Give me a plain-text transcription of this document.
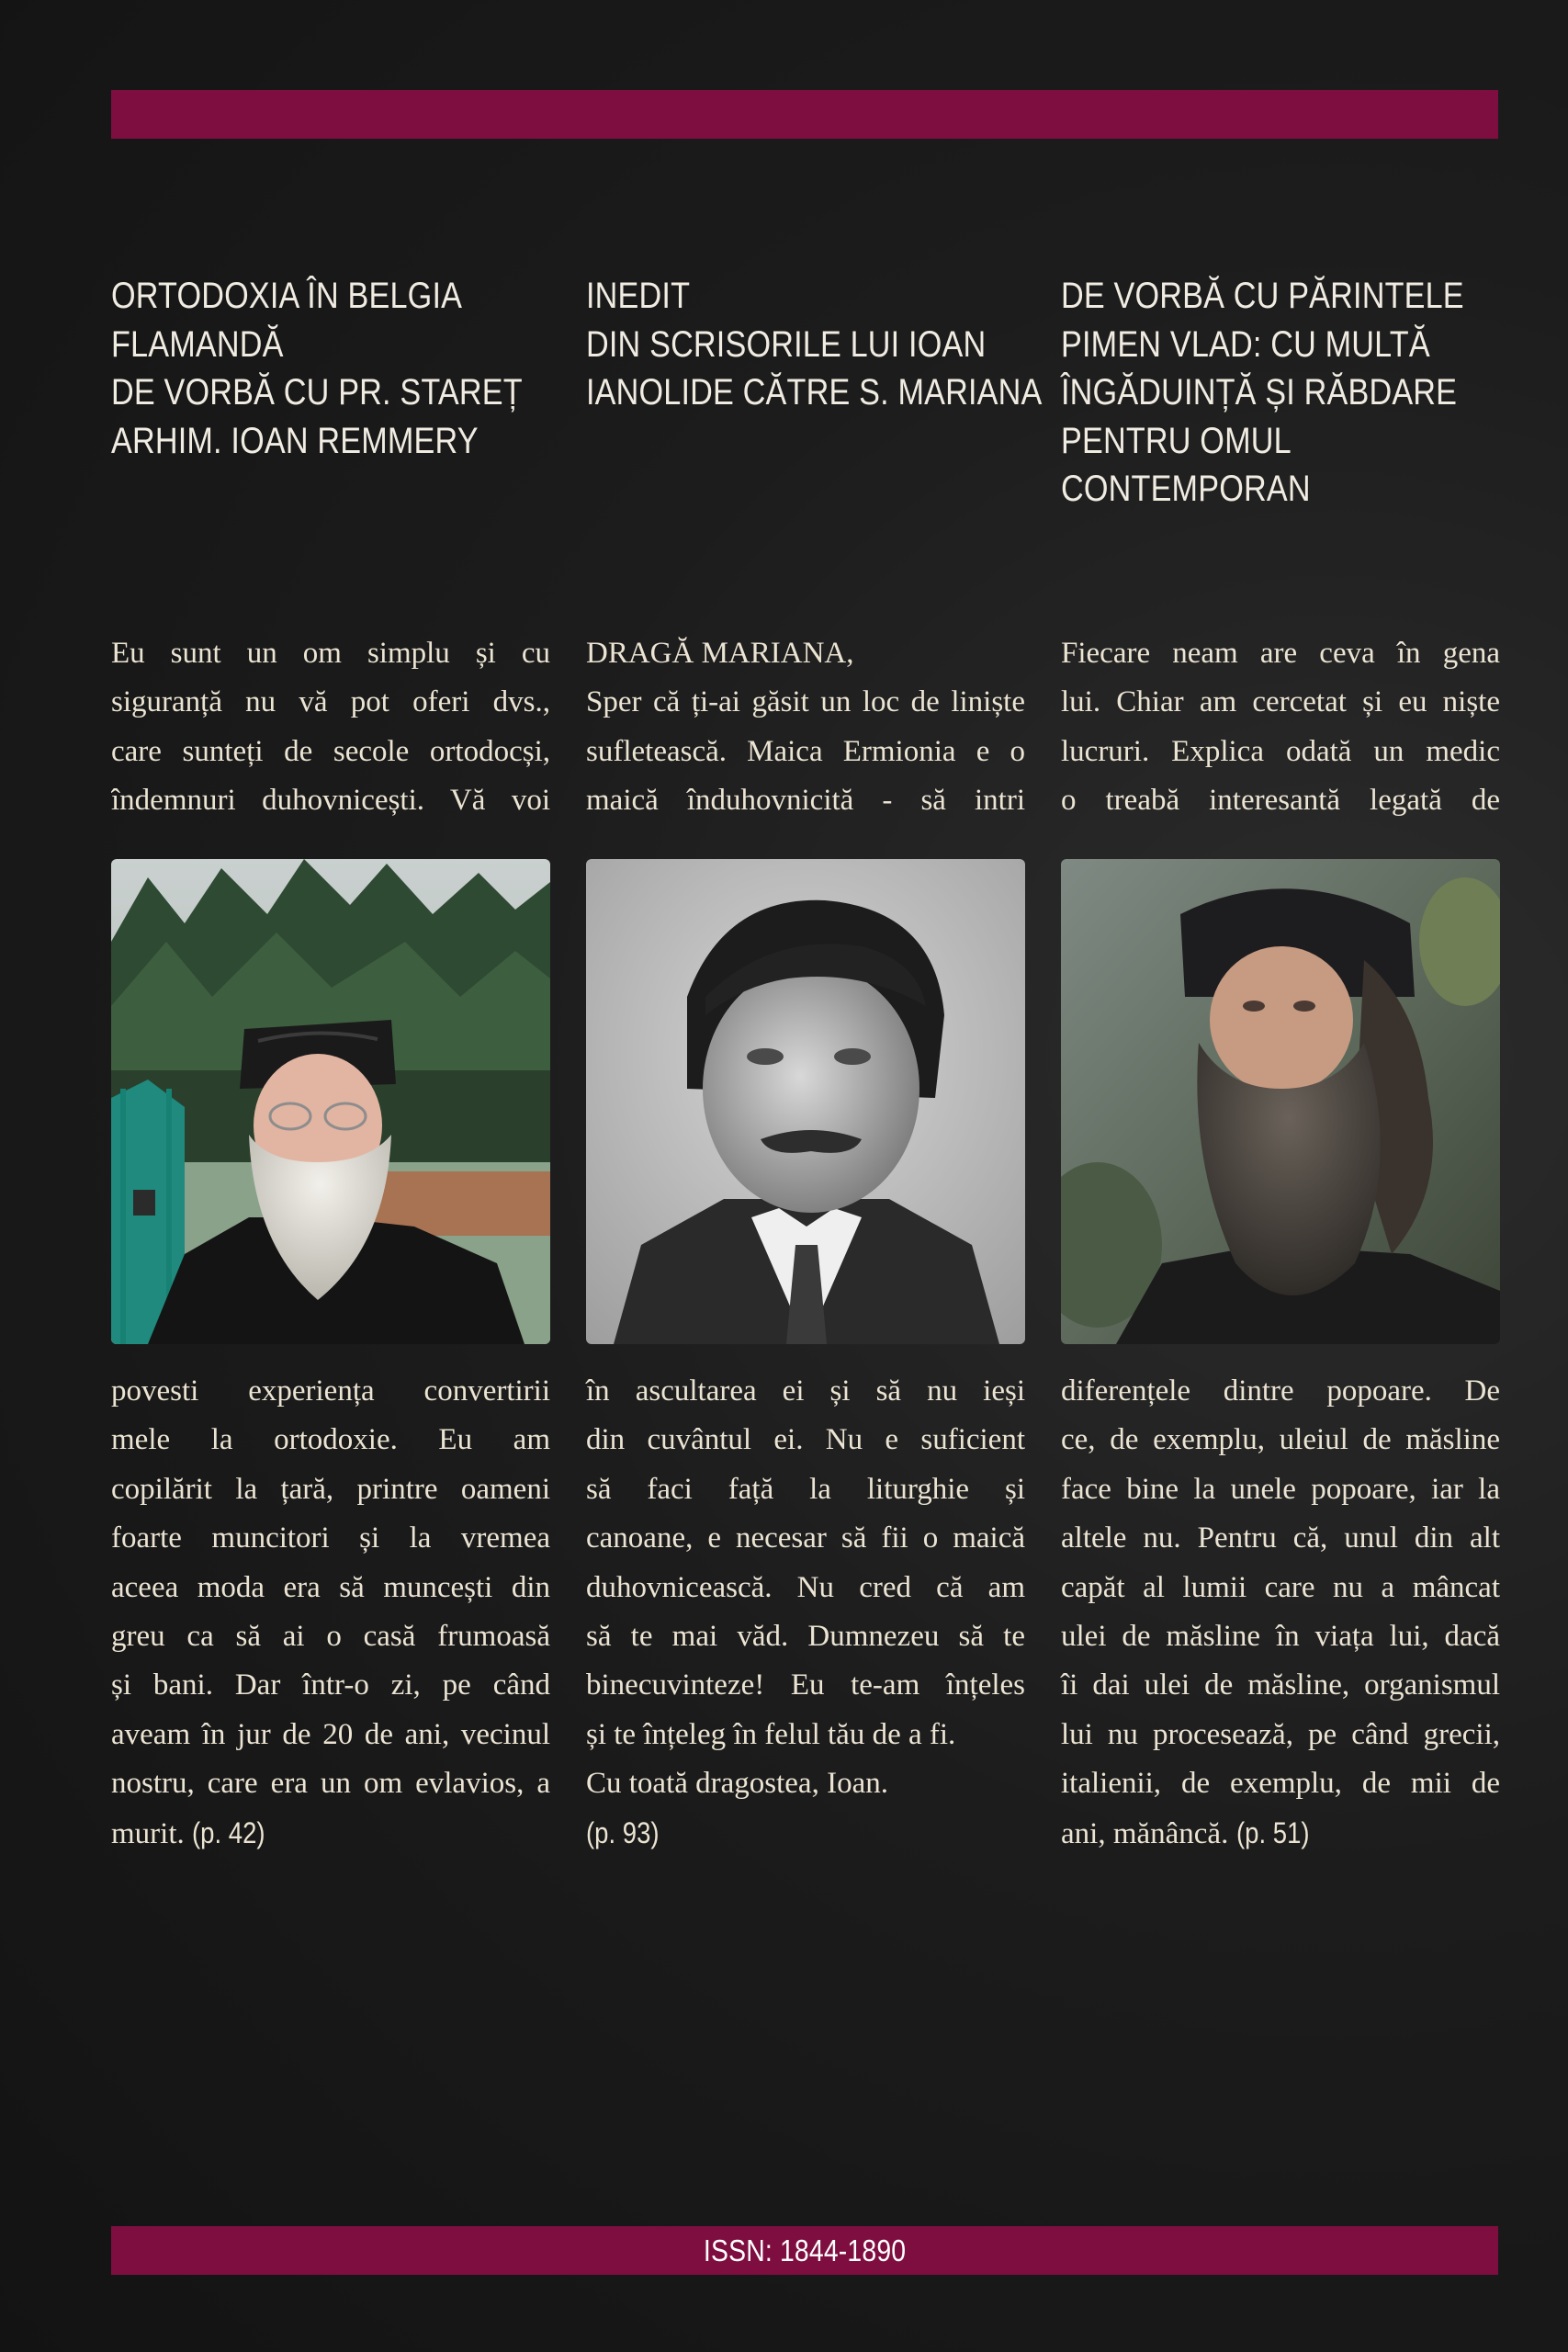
ORTODOXIA ÎN BELGIA
FLAMANDĂ
DE VORBĂ CU PR. STAREȚ
ARHIM. IOAN REMMERY
Eu sunt un om simplu și cu
siguranță nu vă pot oferi dvs.,
care sunteți de secole ortodocși,
îndemnuri duhovnicești. Vă voi
povesti experiența convertirii
mele la ortodoxie. Eu am
copilărit la țară, printre oameni
foarte muncitori și la vremea
aceea moda era să muncești din
greu ca să ai o casă frumoasă
și bani. Dar într-o zi, pe când
aveam în jur de 20 de ani, vecinul
nostru, care era un om evlavios, a
murit. (p. 42)
INEDIT
DIN SCRISORILE LUI IOAN
IANOLIDE CĂTRE S. MARIANA
DRAGĂ MARIANA,
Sper că ți-ai găsit un loc de liniște
sufletească. Maica Ermionia e o
maică înduhovnicită - să intri
în ascultarea ei și să nu ieși
din cuvântul ei. Nu e suficient
să faci față la liturghie și
canoane, e necesar să fii o maică
duhovnicească. Nu cred că am
să te mai văd. Dumnezeu să te
binecuvinteze! Eu te-am înțeles
și te înțeleg în felul tău de a fi.
Cu toată dragostea, Ioan.
(p. 93)
DE VORBĂ CU PĂRINTELE
PIMEN VLAD: CU MULTĂ
ÎNGĂDUINȚĂ ȘI RĂBDARE
PENTRU OMUL
CONTEMPORAN
Fiecare neam are ceva în gena
lui. Chiar am cercetat și eu niște
lucruri. Explica odată un medic
o treabă interesantă legată de
diferențele dintre popoare. De
ce, de exemplu, uleiul de măsline
face bine la unele popoare, iar la
altele nu. Pentru că, unul din alt
capăt al lumii care nu a mâncat
ulei de măsline în viața lui, dacă
îi dai ulei de măsline, organismul
lui nu procesează, pe când grecii,
italienii, de exemplu, de mii de
ani, mănâncă. (p. 51)
ISSN: 1844-1890
